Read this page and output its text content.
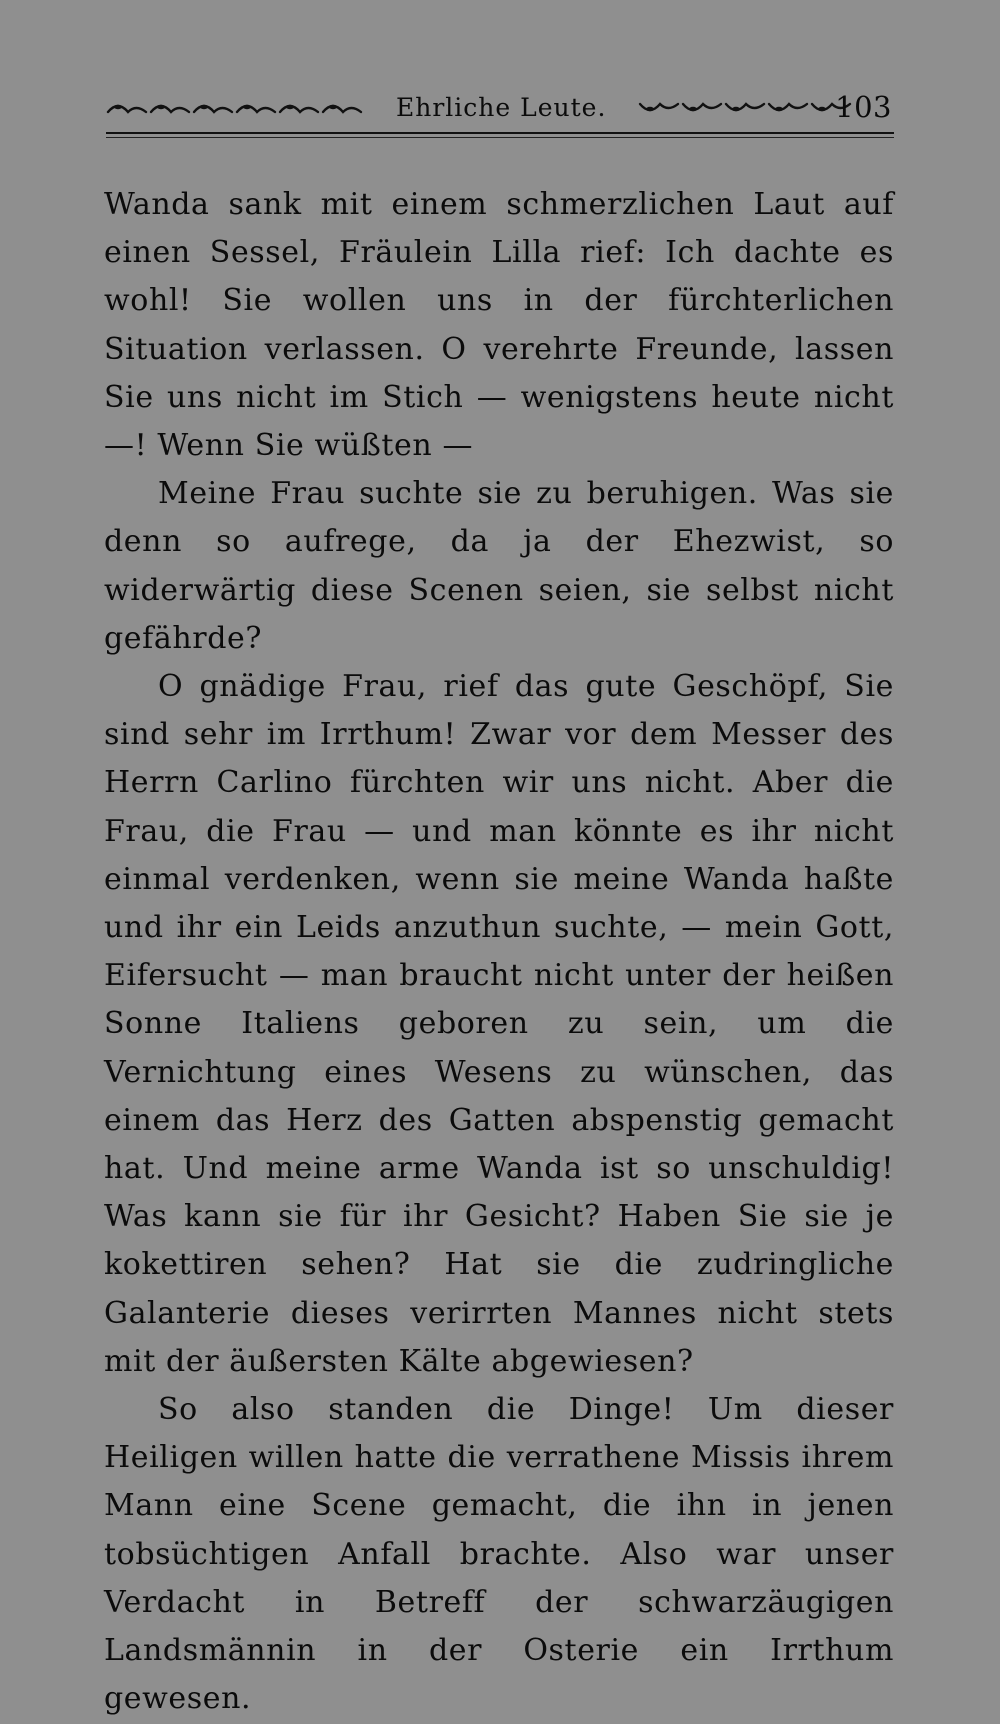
Ehrliche Leute.	103

Wanda sank mit einem schmerzlichen Laut auf einen Sessel, Fräulein Lilla rief: Ich dachte es wohl! Sie wollen uns in der fürchterlichen Situation verlassen. O verehrte Freunde, lassen Sie uns nicht im Stich — wenigstens heute nicht —! Wenn Sie wüßten —

Meine Frau suchte sie zu beruhigen. Was sie denn so aufrege, da ja der Ehezwist, so widerwärtig diese Scenen seien, sie selbst nicht gefährde?

O gnädige Frau, rief das gute Geschöpf, Sie sind sehr im Irrthum! Zwar vor dem Messer des Herrn Carlino fürchten wir uns nicht. Aber die Frau, die Frau — und man könnte es ihr nicht einmal verdenken, wenn sie meine Wanda haßte und ihr ein Leids anzuthun suchte, — mein Gott, Eifersucht — man braucht nicht unter der heißen Sonne Italiens geboren zu sein, um die Vernichtung eines Wesens zu wünschen, das einem das Herz des Gatten abspenstig gemacht hat. Und meine arme Wanda ist so unschuldig! Was kann sie für ihr Gesicht? Haben Sie sie je kokettiren sehen? Hat sie die zudringliche Galanterie dieses verirrten Mannes nicht stets mit der äußersten Kälte abgewiesen?

So also standen die Dinge! Um dieser Heiligen willen hatte die verrathene Missis ihrem Mann eine Scene gemacht, die ihn in jenen tobsüchtigen Anfall brachte. Also war unser Verdacht in Betreff der schwarzäugigen Landsmännin in der Osterie ein Irrthum gewesen.
